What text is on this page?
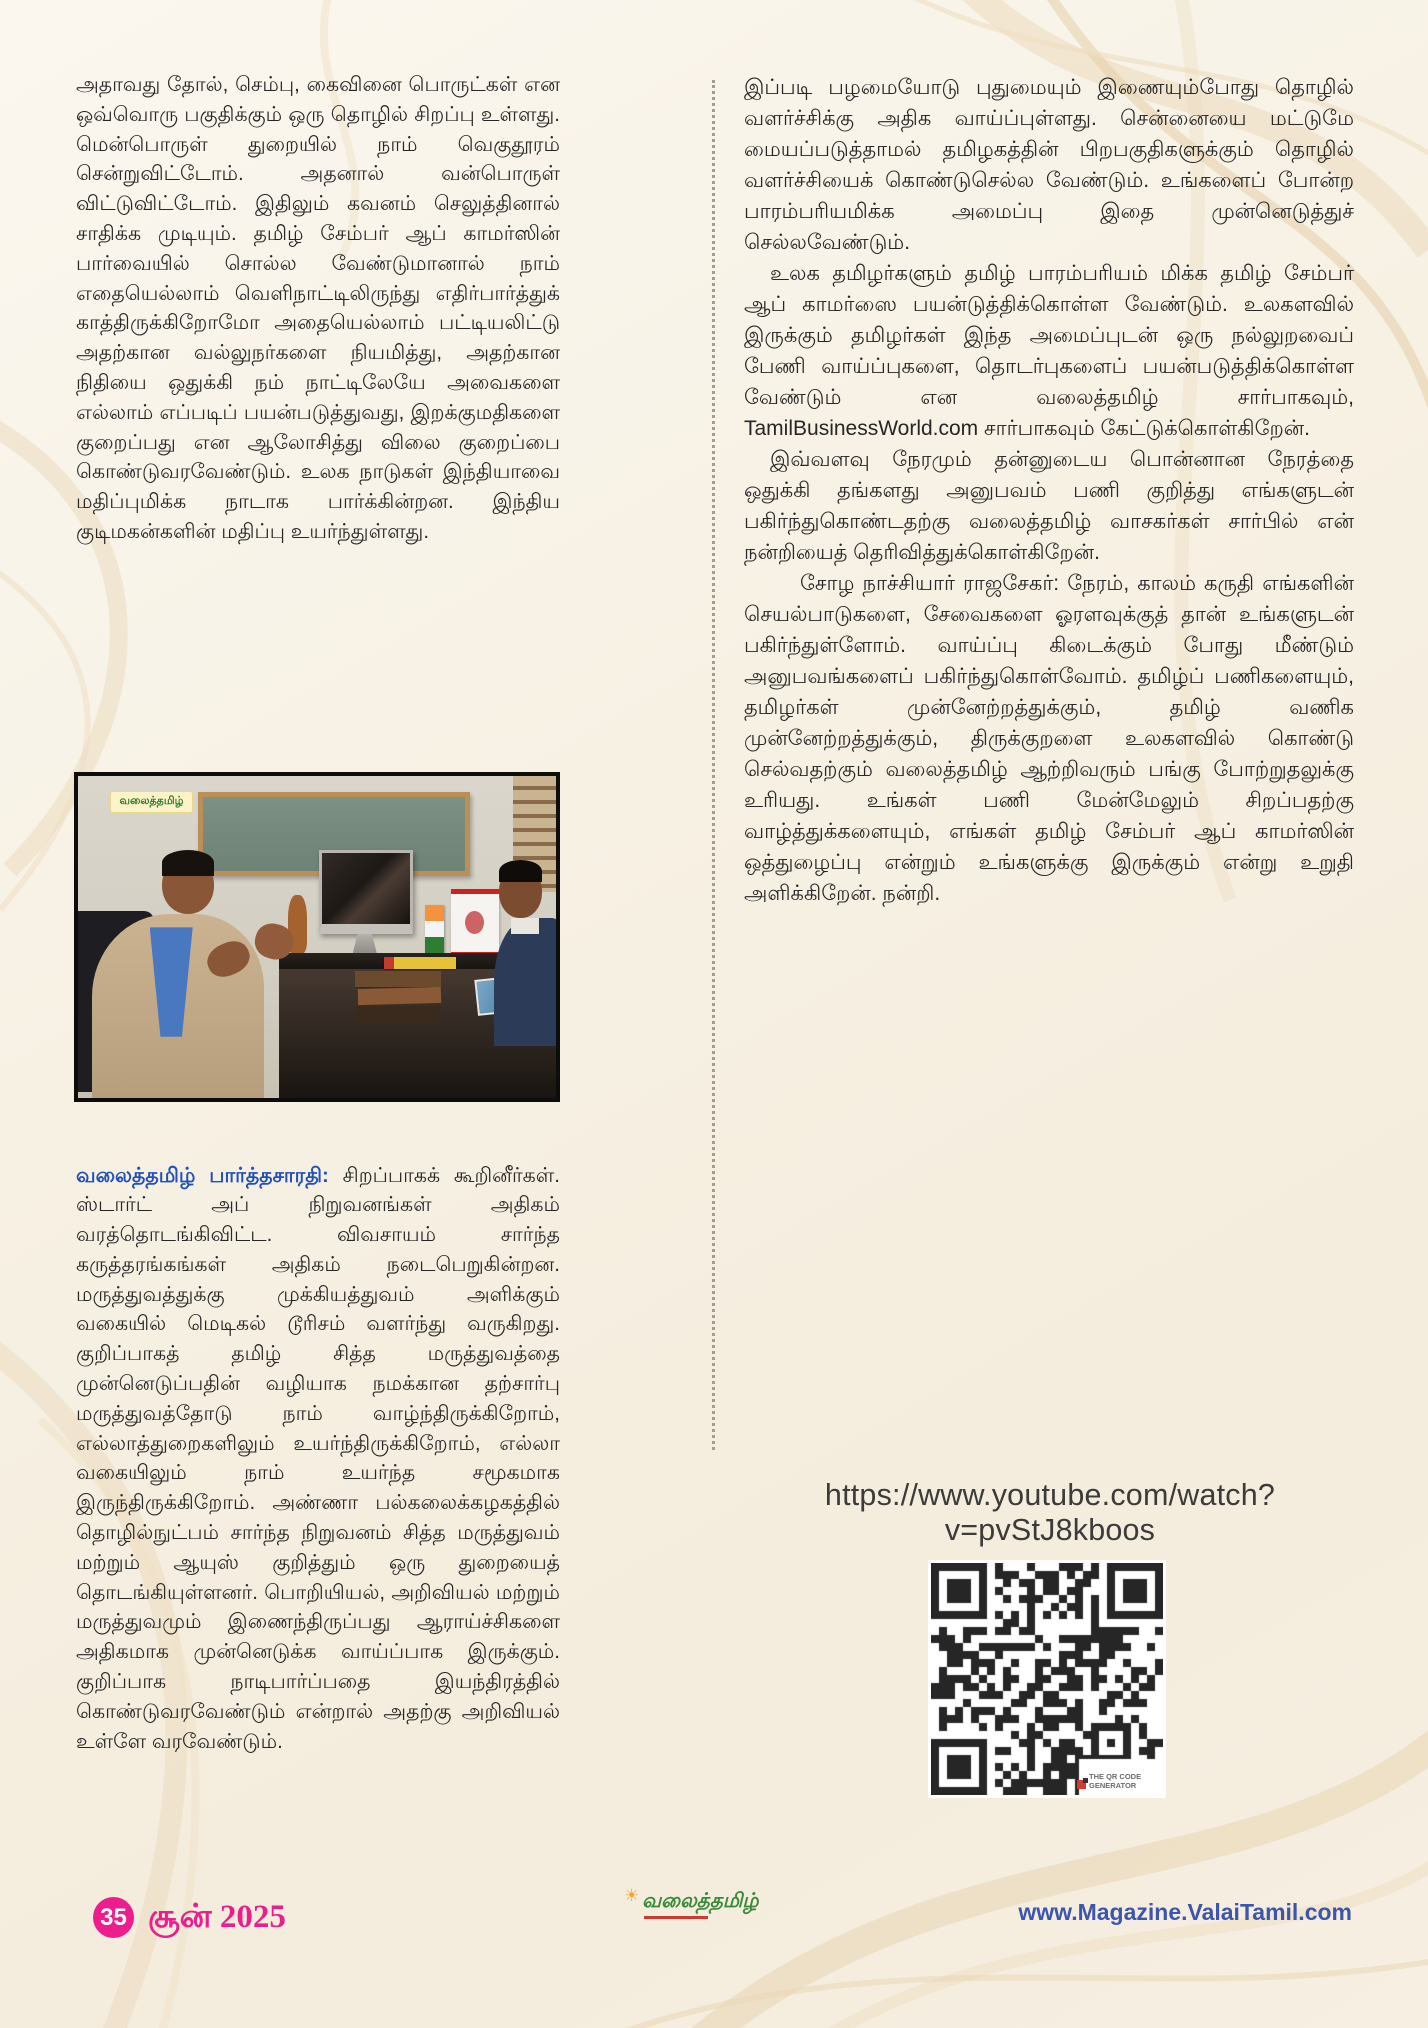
அதாவது தோல், செம்பு, கைவினை பொருட்கள் என ஒவ்வொரு பகுதிக்கும் ஒரு தொழில் சிறப்பு உள்ளது. மென்பொருள் துறையில் நாம் வெகுதூரம் சென்றுவிட்டோம். அதனால் வன்பொருள் விட்டுவிட்டோம். இதிலும் கவனம் செலுத்தினால் சாதிக்க முடியும். தமிழ் சேம்பர் ஆப் காமர்ஸின் பார்வையில் சொல்ல வேண்டுமானால் நாம் எதையெல்லாம் வெளிநாட்டிலிருந்து எதிர்பார்த்துக் காத்திருக்கிறோமோ அதையெல்லாம் பட்டியலிட்டு அதற்கான வல்லுநர்களை நியமித்து, அதற்கான நிதியை ஒதுக்கி நம் நாட்டிலேயே அவைகளை எல்லாம் எப்படிப் பயன்படுத்துவது, இறக்குமதிகளை குறைப்பது என ஆலோசித்து விலை குறைப்பை கொண்டுவரவேண்டும். உலக நாடுகள் இந்தியாவை மதிப்புமிக்க நாடாக பார்க்கின்றன. இந்திய குடிமகன்களின் மதிப்பு உயர்ந்துள்ளது.

வலைத்தமிழ்

வலைத்தமிழ் பார்த்தசாரதி: சிறப்பாகக் கூறினீர்கள். ஸ்டார்ட் அப் நிறுவனங்கள் அதிகம் வரத்தொடங்கிவிட்ட. விவசாயம் சார்ந்த கருத்தரங்கங்கள் அதிகம் நடைபெறுகின்றன. மருத்துவத்துக்கு முக்கியத்துவம் அளிக்கும் வகையில் மெடிகல் டூரிசம் வளர்ந்து வருகிறது. குறிப்பாகத் தமிழ் சித்த மருத்துவத்தை முன்னெடுப்பதின் வழியாக நமக்கான தற்சார்பு மருத்துவத்தோடு நாம் வாழ்ந்திருக்கிறோம், எல்லாத்துறைகளிலும் உயர்ந்திருக்கிறோம், எல்லா வகையிலும் நாம் உயர்ந்த சமூகமாக இருந்திருக்கிறோம். அண்ணா பல்கலைக்கழகத்தில் தொழில்நுட்பம் சார்ந்த நிறுவனம் சித்த மருத்துவம் மற்றும் ஆயுஸ் குறித்தும் ஒரு துறையைத் தொடங்கியுள்ளனர். பொறியியல், அறிவியல் மற்றும் மருத்துவமும் இணைந்திருப்பது ஆராய்ச்சிகளை அதிகமாக முன்னெடுக்க வாய்ப்பாக இருக்கும். குறிப்பாக நாடிபார்ப்பதை இயந்திரத்தில் கொண்டுவரவேண்டும் என்றால் அதற்கு அறிவியல் உள்ளே வரவேண்டும்.

இப்படி பழமையோடு புதுமையும் இணையும்போது தொழில் வளர்ச்சிக்கு அதிக வாய்ப்புள்ளது. சென்னையை மட்டுமே மையப்படுத்தாமல் தமிழகத்தின் பிறபகுதிகளுக்கும் தொழில் வளர்ச்சியைக் கொண்டுசெல்ல வேண்டும். உங்களைப் போன்ற பாரம்பரியமிக்க அமைப்பு இதை முன்னெடுத்துச் செல்லவேண்டும்.

உலக தமிழர்களும் தமிழ் பாரம்பரியம் மிக்க தமிழ் சேம்பர் ஆப் காமர்ஸை பயன்டுத்திக்கொள்ள வேண்டும். உலகளவில் இருக்கும் தமிழர்கள் இந்த அமைப்புடன் ஒரு நல்லுறவைப் பேணி வாய்ப்புகளை, தொடர்புகளைப் பயன்படுத்திக்கொள்ள வேண்டும் என வலைத்தமிழ் சார்பாகவும், TamilBusinessWorld.com சார்பாகவும் கேட்டுக்கொள்கிறேன்.

இவ்வளவு நேரமும் தன்னுடைய பொன்னான நேரத்தை ஒதுக்கி தங்களது அனுபவம் பணி குறித்து எங்களுடன் பகிர்ந்துகொண்டதற்கு வலைத்தமிழ் வாசகர்கள் சார்பில் என் நன்றியைத் தெரிவித்துக்கொள்கிறேன்.

சோழ நாச்சியார் ராஜசேகர்: நேரம், காலம் கருதி எங்களின் செயல்பாடுகளை, சேவைகளை ஓரளவுக்குத் தான் உங்களுடன் பகிர்ந்துள்ளோம். வாய்ப்பு கிடைக்கும் போது மீண்டும் அனுபவங்களைப் பகிர்ந்துகொள்வோம். தமிழ்ப் பணிகளையும், தமிழர்கள் முன்னேற்றத்துக்கும், தமிழ் வணிக முன்னேற்றத்துக்கும், திருக்குறளை உலகளவில் கொண்டு செல்வதற்கும் வலைத்தமிழ் ஆற்றிவரும் பங்கு போற்றுதலுக்கு உரியது. உங்கள் பணி மேன்மேலும் சிறப்பதற்கு வாழ்த்துக்களையும், எங்கள் தமிழ் சேம்பர் ஆப் காமர்ஸின் ஒத்துழைப்பு என்றும் உங்களுக்கு இருக்கும் என்று உறுதி அளிக்கிறேன். நன்றி.

https://www.youtube.com/watch?v=pvStJ8kboos
THE QR CODE
GENERATOR
35 சூன் 2025
☀ வலைத்தமிழ்	www.Magazine.ValaiTamil.com
